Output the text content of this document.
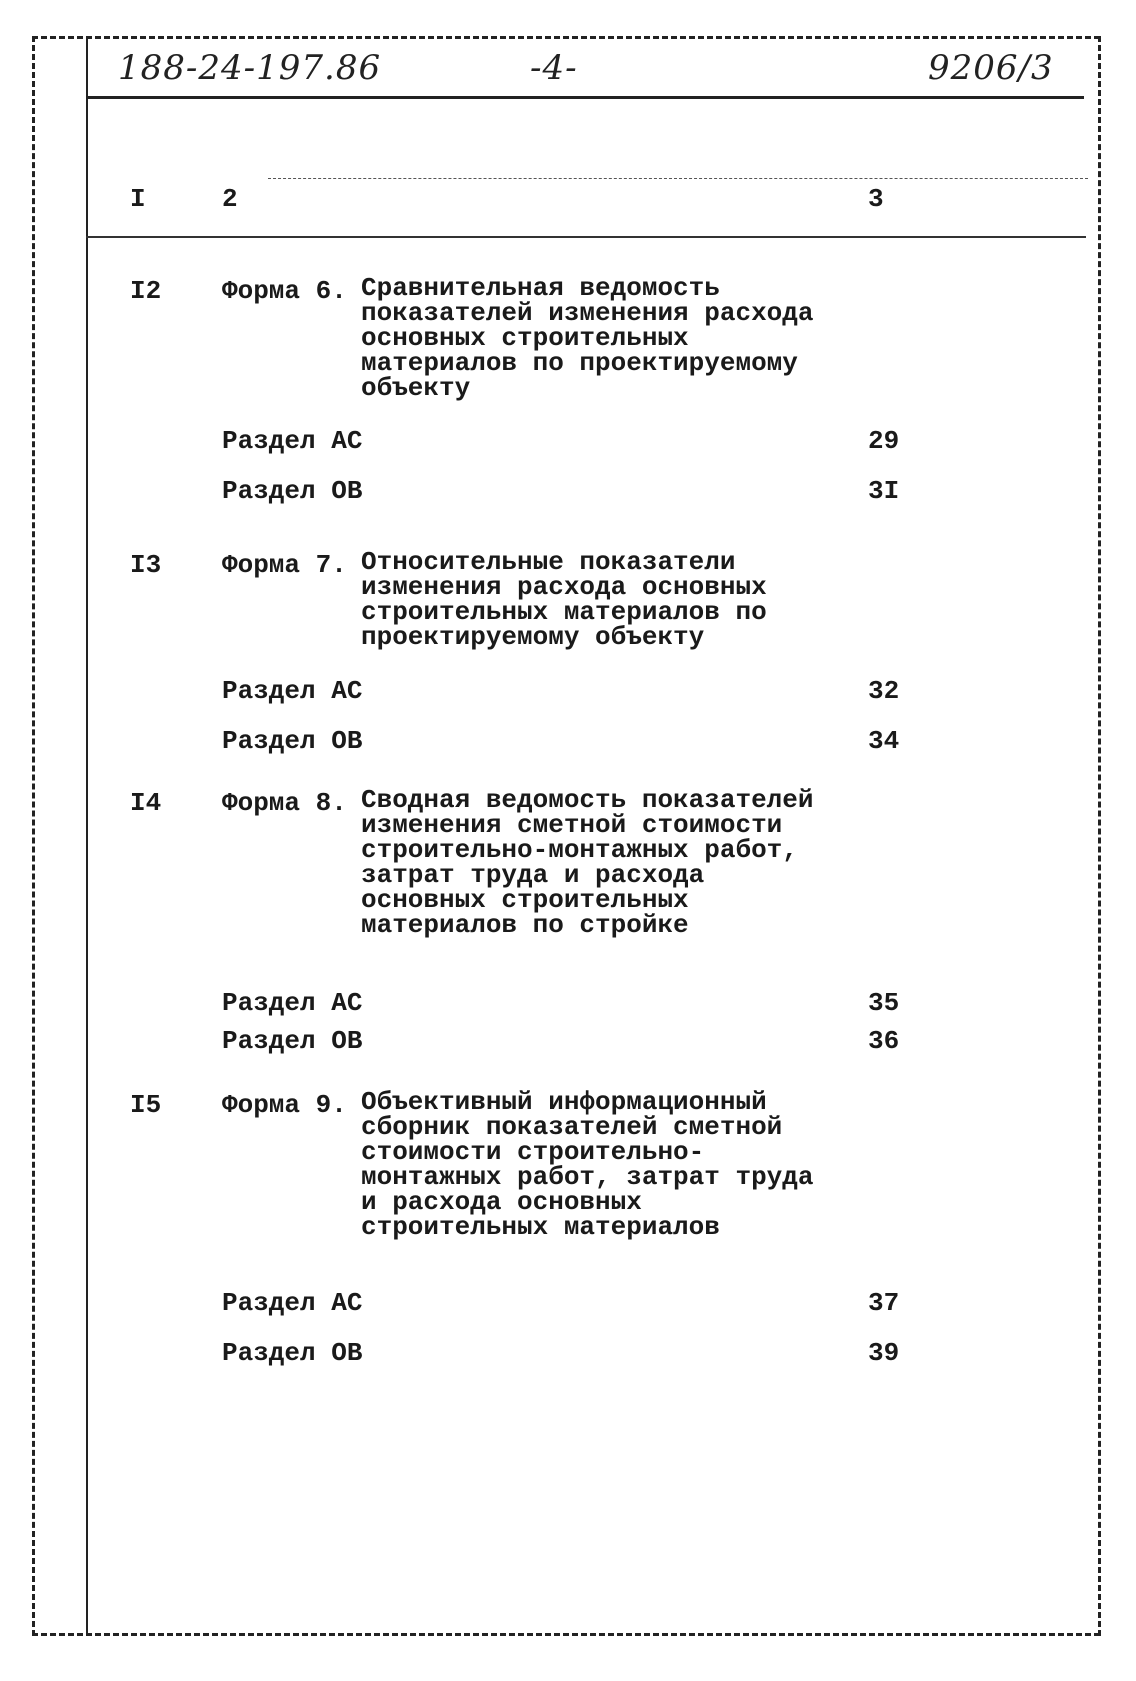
188-24-197.86	-4-	9206/3
I	2	3
I2 Форма 6. Сравнительная ведомость показателей изменения расхода основных строительных материалов по проектируемому объекту
Раздел АС	29
Раздел ОВ	3I
I3 Форма 7. Относительные показатели изменения расхода основных строительных материалов по проектируемому объекту
Раздел АС	32
Раздел ОВ	34
I4 Форма 8. Сводная ведомость показателей изменения сметной стоимости строительно-монтажных работ, затрат труда и расхода основных строительных материалов по стройке
Раздел АС	35
Раздел ОВ	36
I5 Форма 9. Объективный информационный сборник показателей сметной стоимости строительно-монтажных работ, затрат труда и расхода основных строительных материалов
Раздел АС	37
Раздел ОВ	39
